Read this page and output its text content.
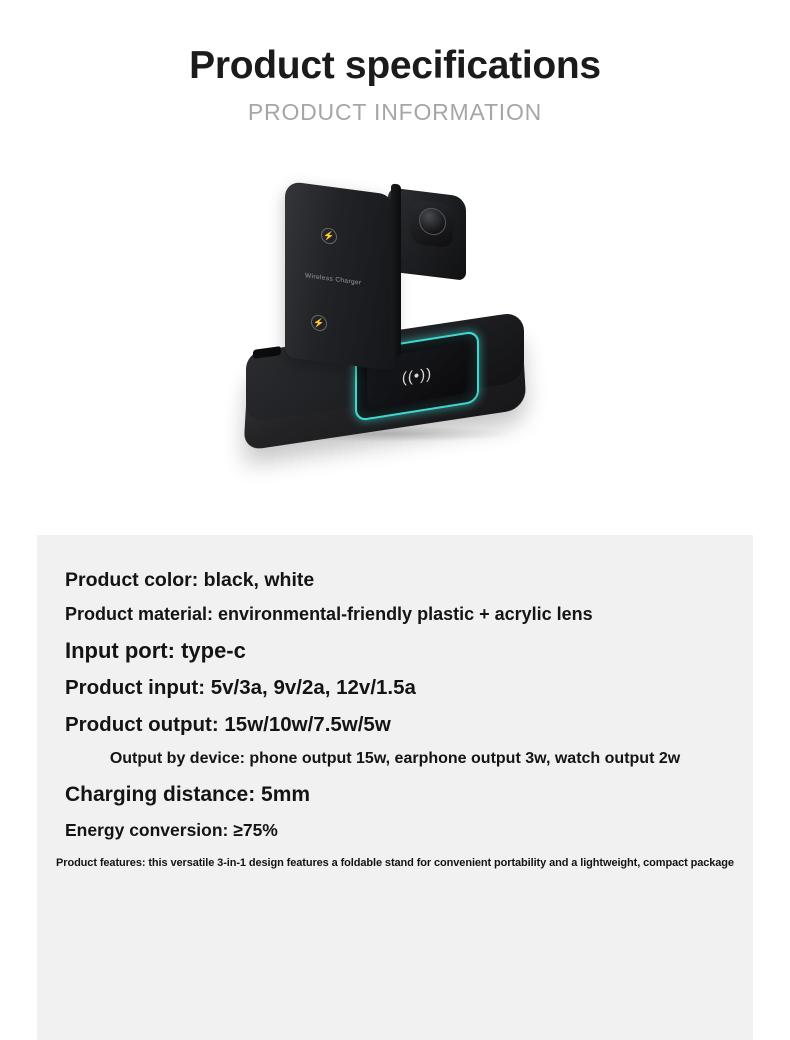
Product specifications
PRODUCT INFORMATION
((•))
⚡
⚡
Wireless Charger
Product color: black, white
Product material: environmental-friendly plastic + acrylic lens
Input port: type-c
Product input: 5v/3a, 9v/2a, 12v/1.5a
Product output: 15w/10w/7.5w/5w
Output by device: phone output 15w, earphone output 3w, watch output 2w
Charging distance: 5mm
Energy conversion: ≥75%
Product features: this versatile 3-in-1 design features a foldable stand for convenient portability and a lightweight, compact package
